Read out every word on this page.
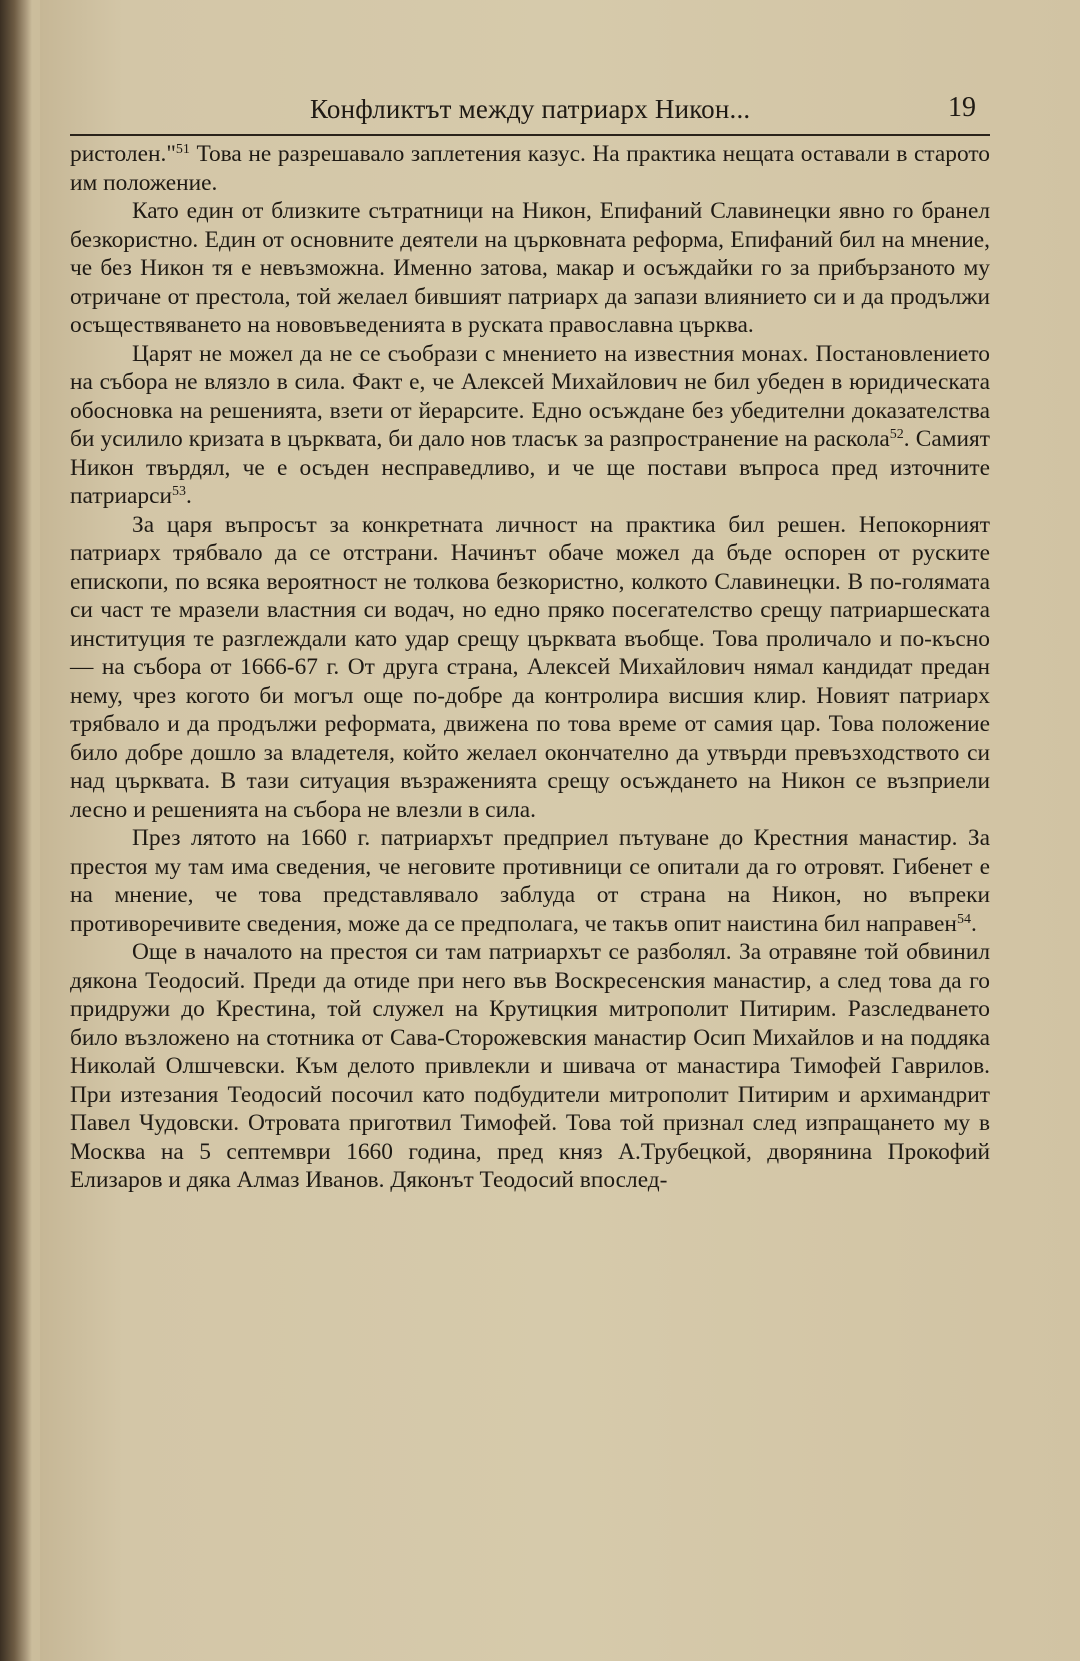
Конфликтът между патриарх Никон...	19

ристолен."$^{51}$ Това не разрешавало заплетения казус. На практика нещата оставали в старото им положение.

Като един от близките сътратници на Никон, Епифаний Славинецки явно го бранел безкористно. Един от основните деятели на църковната реформа, Епифаний бил на мнение, че без Никон тя е невъзможна. Именно затова, макар и осъждайки го за прибързаното му отричане от престола, той желаел бившият патриарх да запази влиянието си и да продължи осъществяването на нововъведенията в руската православна църква.

Царят не можел да не се съобрази с мнението на известния монах. Постановлението на събора не влязло в сила. Факт е, че Алексей Михайлович не бил убеден в юридическата обосновка на решенията, взети от йерарсите. Едно осъждане без убедителни доказателства би усилило кризата в църквата, би дало нов тласък за разпространение на раскола$^{52}$. Самият Никон твърдял, че е осъден несправедливо, и че ще постави въпроса пред източните патриарси$^{53}$.

За царя въпросът за конкретната личност на практика бил решен. Непокорният патриарх трябвало да се отстрани. Начинът обаче можел да бъде оспорен от руските епископи, по всяка вероятност не толкова безкористно, колкото Славинецки. В по-голямата си част те мразели властния си водач, но едно пряко посегателство срещу патриаршеската институция те разглеждали като удар срещу църквата въобще. Това проличало и по-късно — на събора от 1666-67 г. От друга страна, Алексей Михайлович нямал кандидат предан нему, чрез когото би могъл още по-добре да контролира висшия клир. Новият патриарх трябвало и да продължи реформата, движена по това време от самия цар. Това положение било добре дошло за владетеля, който желаел окончателно да утвърди превъзходството си над църквата. В тази ситуация възраженията срещу осъждането на Никон се възприели лесно и решенията на събора не влезли в сила.

През лятото на 1660 г. патриархът предприел пътуване до Крестния манастир. За престоя му там има сведения, че неговите противници се опитали да го отровят. Гибенет е на мнение, че това представлявало заблуда от страна на Никон, но въпреки противоречивите сведения, може да се предполага, че такъв опит наистина бил направен$^{54}$.

Още в началото на престоя си там патриархът се разболял. За отравяне той обвинил дякона Теодосий. Преди да отиде при него във Воскресенския манастир, а след това да го придружи до Крестина, той служел на Крутицкия митрополит Питирим. Разследването било възложено на стотника от Сава-Сторожевския манастир Осип Михайлов и на поддяка Николай Олшчевски. Към делото привлекли и шивача от манастира Тимофей Гаврилов. При изтезания Теодосий посочил като подбудители митрополит Питирим и архимандрит Павел Чудовски. Отровата приготвил Тимофей. Това той признал след изпращането му в Москва на 5 септември 1660 година, пред княз А.Трубецкой, дворянина Прокофий Елизаров и дяка Алмаз Иванов. Дяконът Теодосий впослед-
